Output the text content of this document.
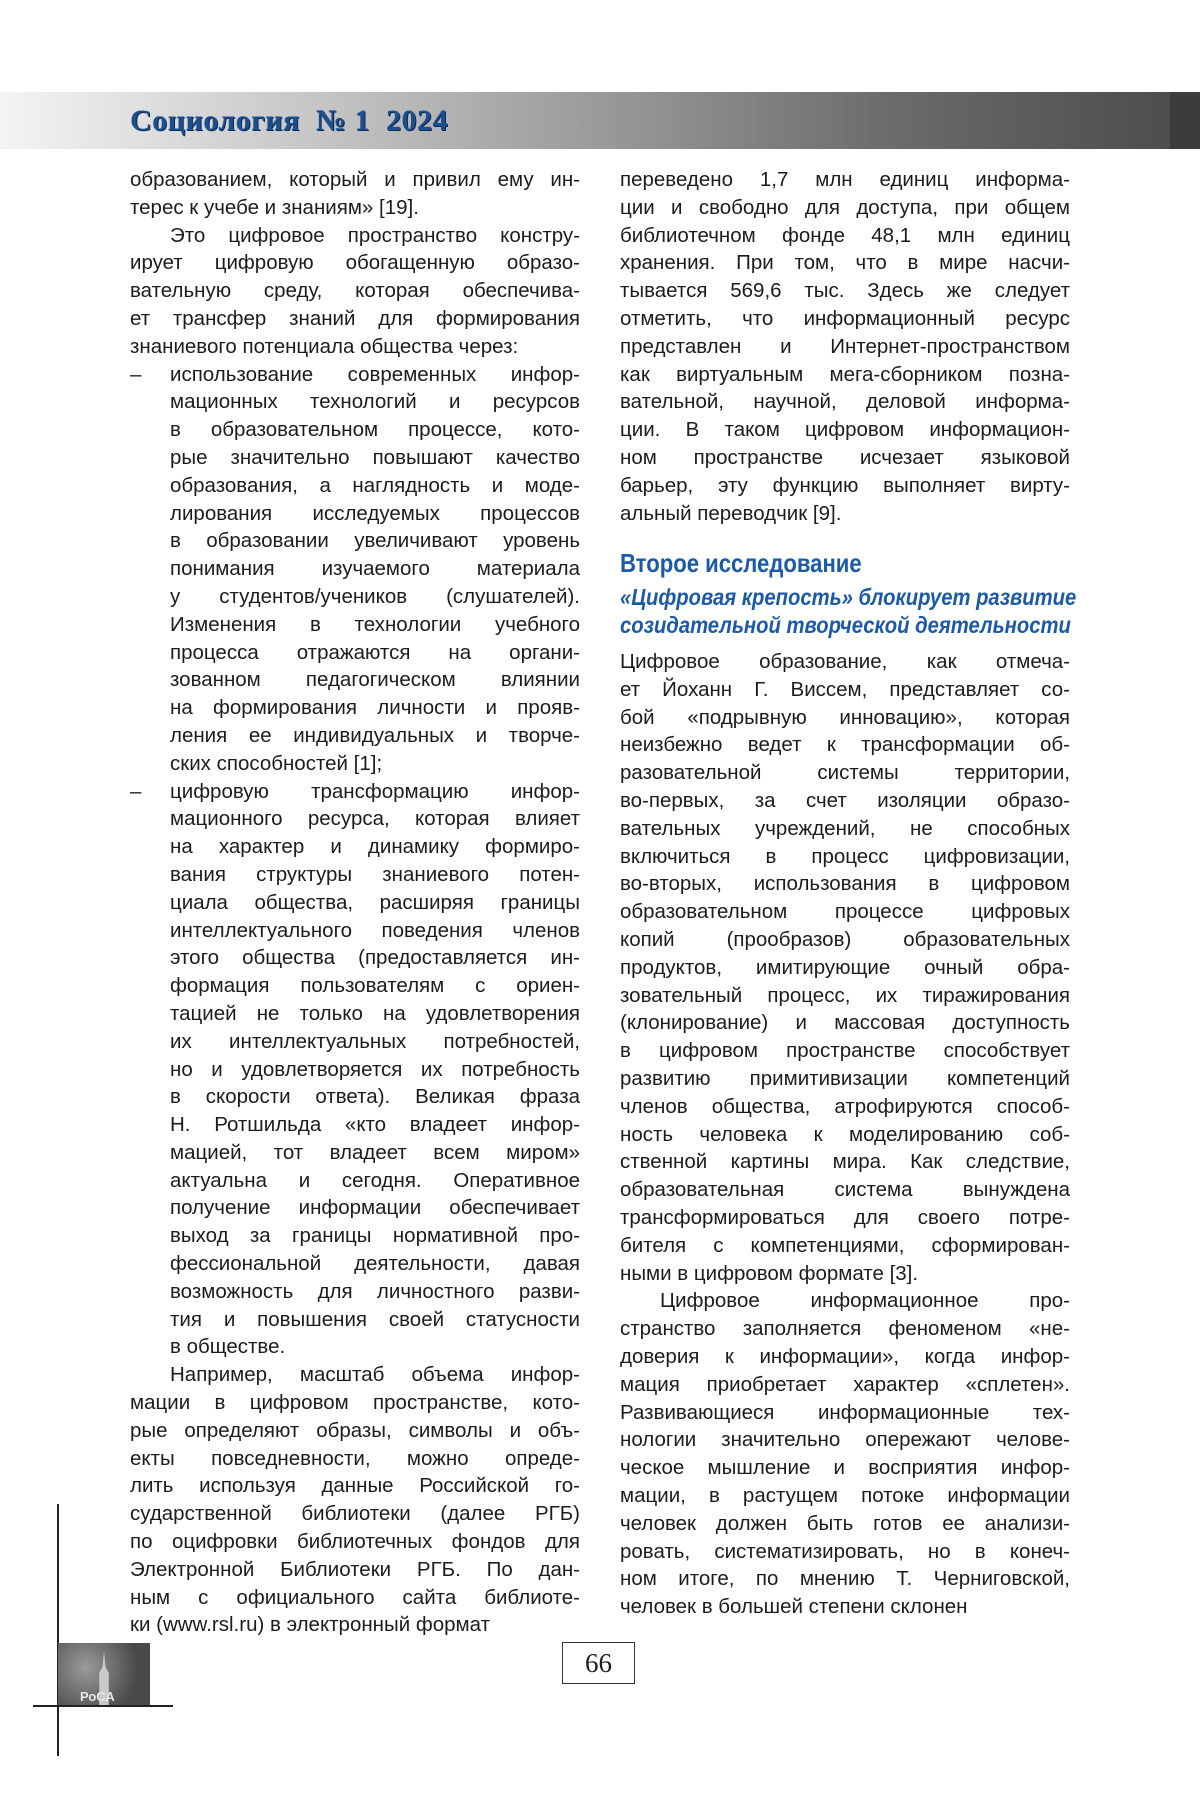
Социология  № 1  2024
образованием, который и привил ему ин-
терес к учебе и знаниям» [19].
Это цифровое пространство констру-
ирует цифровую обогащенную образо-
вательную среду, которая обеспечива-
ет трансфер знаний для формирования
знаниевого потенциала общества через:
– использование современных инфор-
мационных технологий и ресурсов
в образовательном процессе, кото-
рые значительно повышают качество
образования, а наглядность и моде-
лирования исследуемых процессов
в образовании увеличивают уровень
понимания изучаемого материала
у студентов/учеников (слушателей).
Изменения в технологии учебного
процесса отражаются на органи-
зованном педагогическом влиянии
на формирования личности и прояв-
ления ее индивидуальных и творче-
ских способностей [1];
– цифровую трансформацию инфор-
мационного ресурса, которая влияет
на характер и динамику формиро-
вания структуры знаниевого потен-
циала общества, расширяя границы
интеллектуального поведения членов
этого общества (предоставляется ин-
формация пользователям с ориен-
тацией не только на удовлетворения
их интеллектуальных потребностей,
но и удовлетворяется их потребность
в скорости ответа). Великая фраза
Н. Ротшильда «кто владеет инфор-
мацией, тот владеет всем миром»
актуальна и сегодня. Оперативное
получение информации обеспечивает
выход за границы нормативной про-
фессиональной деятельности, давая
возможность для личностного разви-
тия и повышения своей статусности
в обществе.
Например, масштаб объема инфор-
мации в цифровом пространстве, кото-
рые определяют образы, символы и объ-
екты повседневности, можно опреде-
лить используя данные Российской го-
сударственной библиотеки (далее РГБ)
по оцифровки библиотечных фондов для
Электронной Библиотеки РГБ. По дан-
ным с официального сайта библиоте-
ки (www.rsl.ru) в электронный формат
переведено 1,7 млн единиц информа-
ции и свободно для доступа, при общем
библиотечном фонде 48,1 млн единиц
хранения. При том, что в мире насчи-
тывается 569,6 тыс. Здесь же следует
отметить, что информационный ресурс
представлен и Интернет-пространством
как виртуальным мега-сборником позна-
вательной, научной, деловой информа-
ции. В таком цифровом информацион-
ном пространстве исчезает языковой
барьер, эту функцию выполняет вирту-
альный переводчик [9].
Второе исследование
«Цифровая крепость» блокирует развитие
созидательной творческой деятельности
Цифровое образование, как отмеча-
ет Йоханн Г. Виссем, представляет со-
бой «подрывную инновацию», которая
неизбежно ведет к трансформации об-
разовательной системы территории,
во-первых, за счет изоляции образо-
вательных учреждений, не способных
включиться в процесс цифровизации,
во-вторых, использования в цифровом
образовательном процессе цифровых
копий (прообразов) образовательных
продуктов, имитирующие очный обра-
зовательный процесс, их тиражирования
(клонирование) и массовая доступность
в цифровом пространстве способствует
развитию примитивизации компетенций
членов общества, атрофируются способ-
ность человека к моделированию соб-
ственной картины мира. Как следствие,
образовательная система вынуждена
трансформироваться для своего потре-
бителя с компетенциями, сформирован-
ными в цифровом формате [3].
Цифровое информационное про-
странство заполняется феноменом «не-
доверия к информации», когда инфор-
мация приобретает характер «сплетен».
Развивающиеся информационные тех-
нологии значительно опережают челове-
ческое мышление и восприятия инфор-
мации, в растущем потоке информации
человек должен быть готов ее анализи-
ровать, систематизировать, но в конеч-
ном итоге, по мнению Т. Черниговской,
человек в большей степени склонен
РоСА
66
